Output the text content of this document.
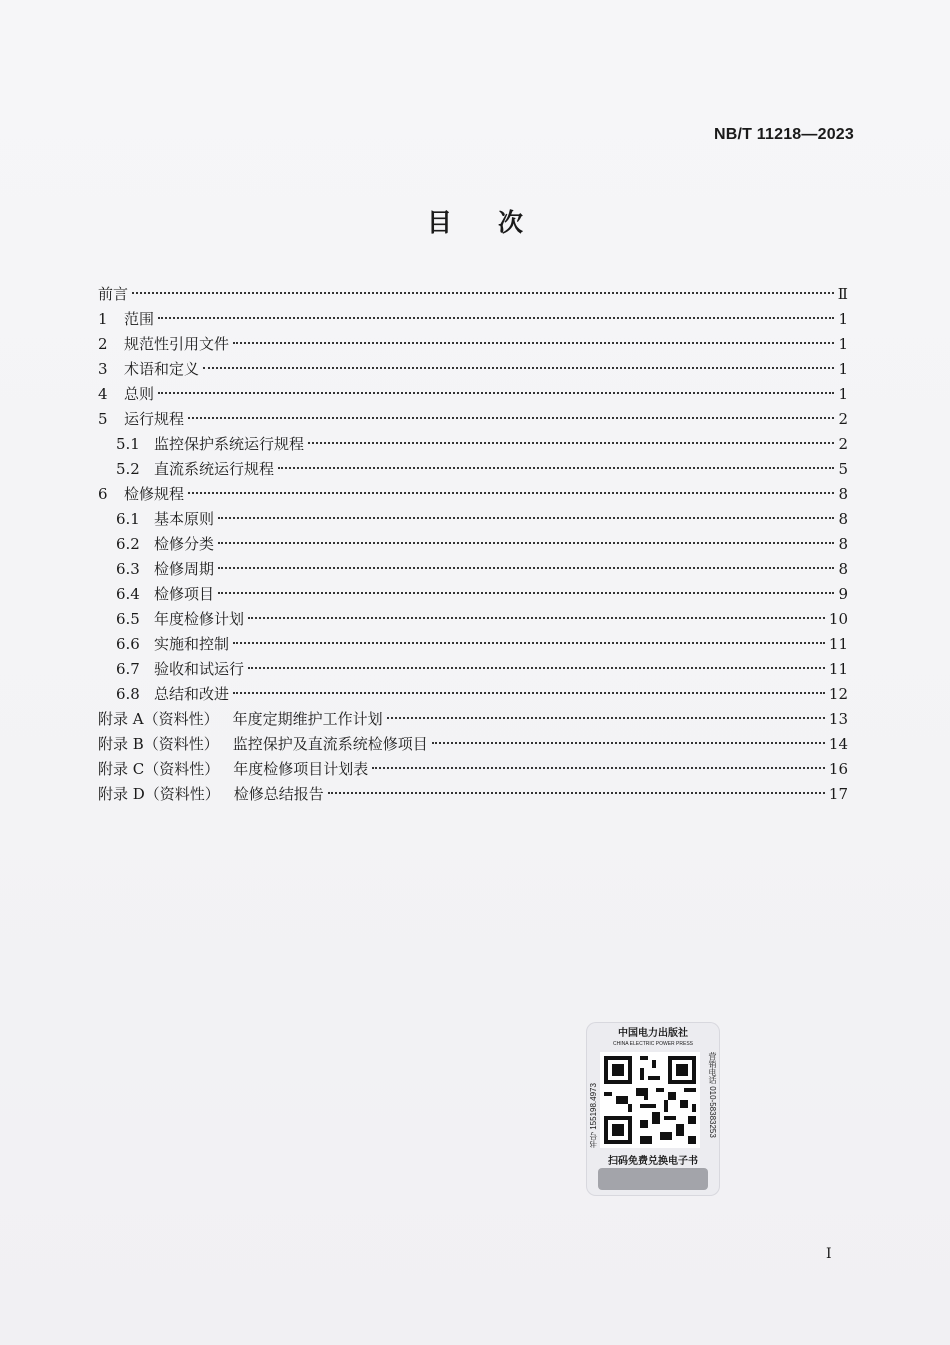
NB/T 11218—2023
目 次
前言	Ⅱ
1	范围	1
2	规范性引用文件	1
3	术语和定义	1
4	总则	1
5	运行规程	2
5.1 监控保护系统运行规程	2
5.2 直流系统运行规程	5
6	检修规程	8
6.1 基本原则	8
6.2 检修分类	8
6.3 检修周期	8
6.4 检修项目	9
6.5 年度检修计划	10
6.6 实施和控制	11
6.7 验收和试运行	11
6.8 总结和改进	12
附录 A（资料性） 年度定期维护工作计划	13
附录 B（资料性） 监控保护及直流系统检修项目	14
附录 C（资料性） 年度检修项目计划表	16
附录 D（资料性） 检修总结报告	17
中国电力出版社
CHINA ELECTRIC POWER PRESS
书号 155198.4973	营销电话 010-58383253
扫码免费兑换电子书
I
